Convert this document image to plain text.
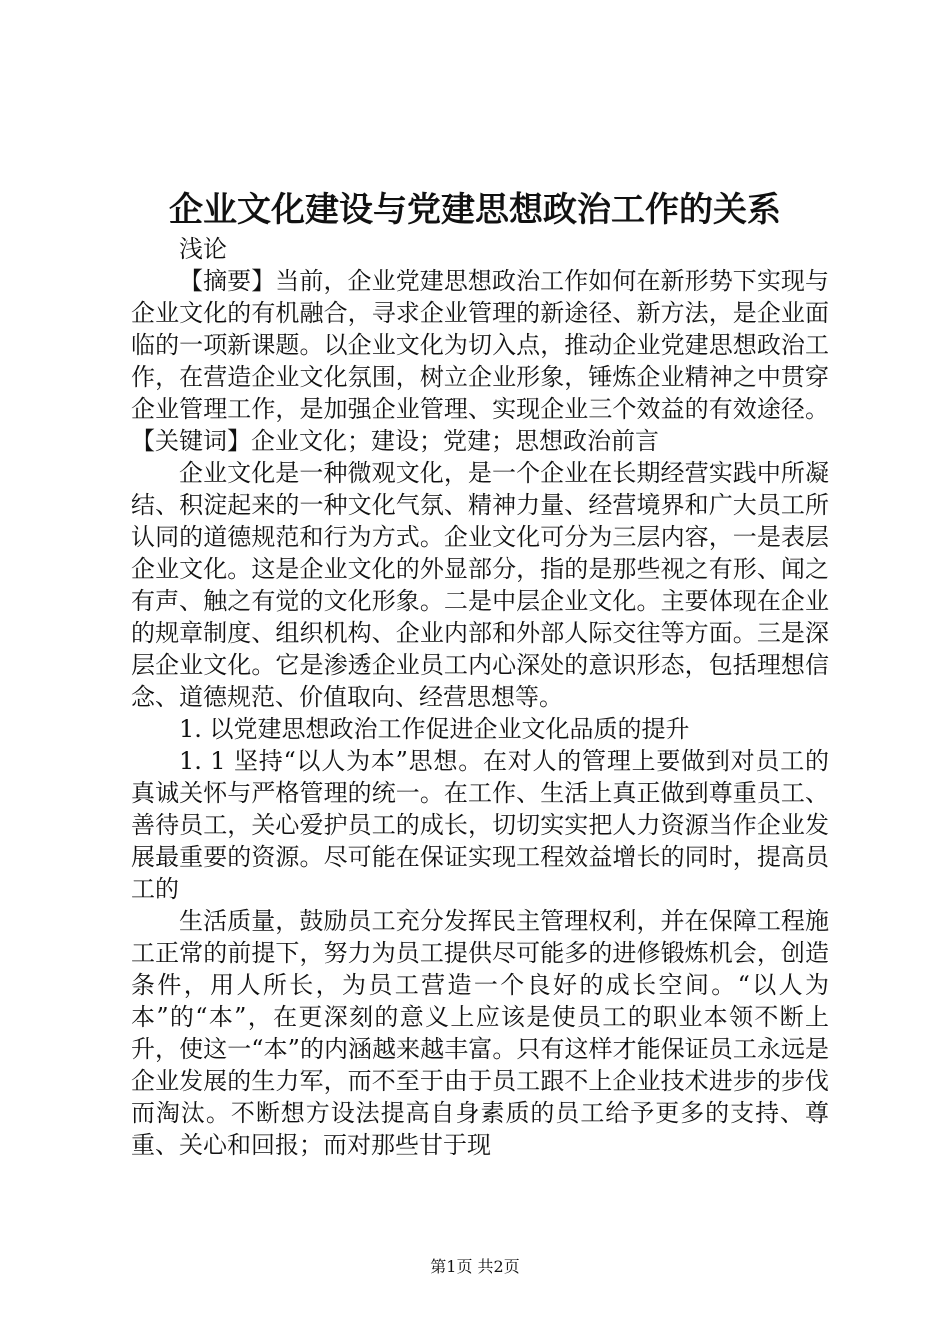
企业文化建设与党建思想政治工作的关系

浅论

【摘要】当前，企业党建思想政治工作如何在新形势下实现与企业文化的有机融合，寻求企业管理的新途径、新方法，是企业面临的一项新课题。以企业文化为切入点，推动企业党建思想政治工作，在营造企业文化氛围，树立企业形象，锤炼企业精神之中贯穿企业管理工作，是加强企业管理、实现企业三个效益的有效途径。【关键词】企业文化；建设；党建；思想政治前言

企业文化是一种微观文化，是一个企业在长期经营实践中所凝结、积淀起来的一种文化气氛、精神力量、经营境界和广大员工所认同的道德规范和行为方式。企业文化可分为三层内容，一是表层企业文化。这是企业文化的外显部分，指的是那些视之有形、闻之有声、触之有觉的文化形象。二是中层企业文化。主要体现在企业的规章制度、组织机构、企业内部和外部人际交往等方面。三是深层企业文化。它是渗透企业员工内心深处的意识形态，包括理想信念、道德规范、价值取向、经营思想等。

1. 以党建思想政治工作促进企业文化品质的提升

1. 1 坚持“以人为本”思想。在对人的管理上要做到对员工的真诚关怀与严格管理的统一。在工作、生活上真正做到尊重员工、善待员工，关心爱护员工的成长，切切实实把人力资源当作企业发展最重要的资源。尽可能在保证实现工程效益增长的同时，提高员工的

生活质量，鼓励员工充分发挥民主管理权利，并在保障工程施工正常的前提下，努力为员工提供尽可能多的进修锻炼机会，创造条件，用人所长，为员工营造一个良好的成长空间。“以人为本”的“本”，在更深刻的意义上应该是使员工的职业本领不断上升，使这一“本”的内涵越来越丰富。只有这样才能保证员工永远是企业发展的生力军，而不至于由于员工跟不上企业技术进步的步伐而淘汰。不断想方设法提高自身素质的员工给予更多的支持、尊重、关心和回报；而对那些甘于现

第1页 共2页
